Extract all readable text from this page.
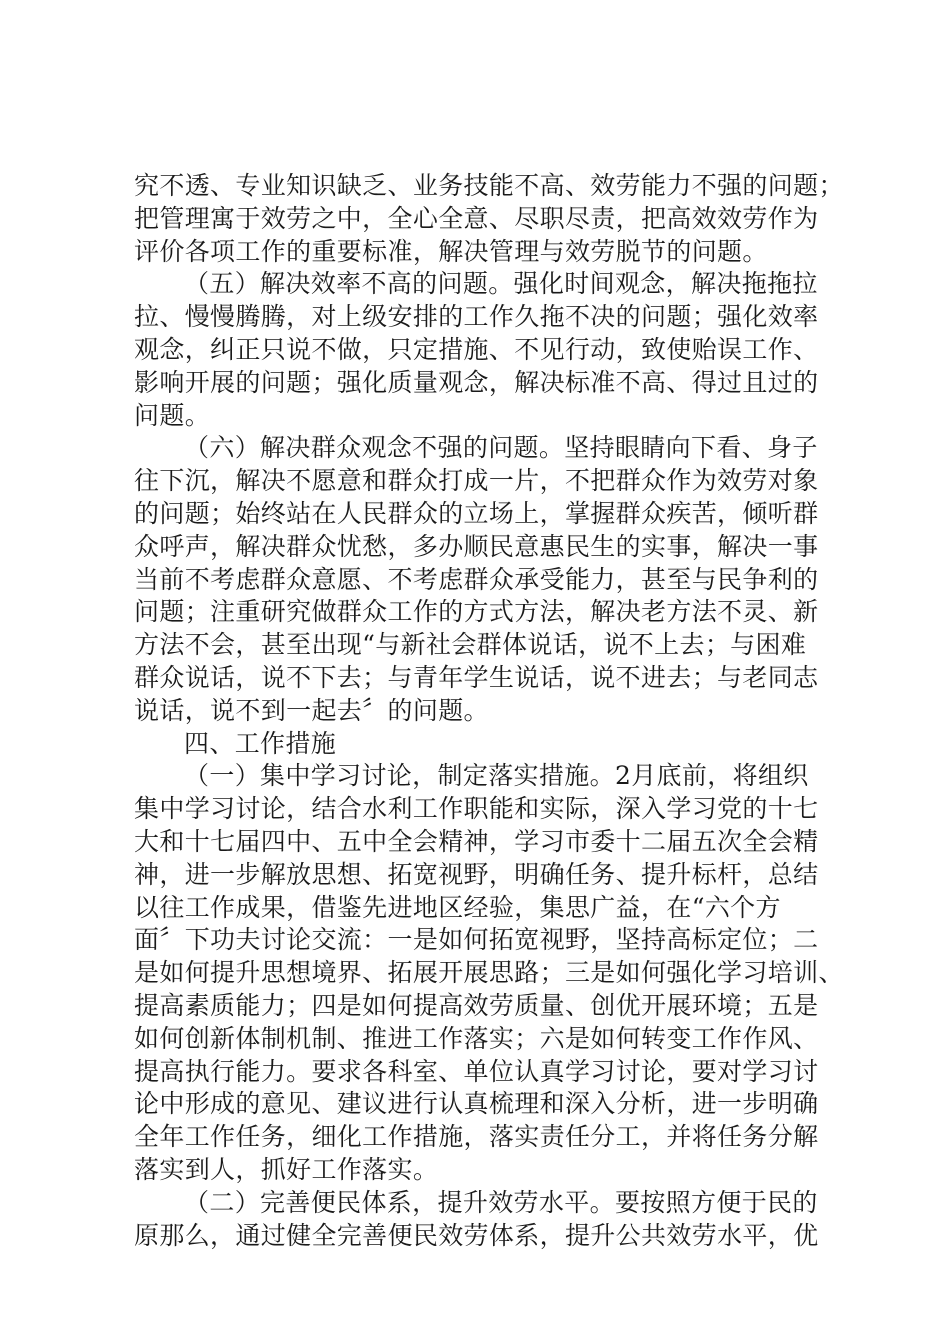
究不透、专业知识缺乏、业务技能不高、效劳能力不强的问题；
把管理寓于效劳之中，全心全意、尽职尽责，把高效效劳作为
评价各项工作的重要标准，解决管理与效劳脱节的问题。
（五）解决效率不高的问题。强化时间观念，解决拖拖拉
拉、慢慢腾腾，对上级安排的工作久拖不决的问题；强化效率
观念，纠正只说不做，只定措施、不见行动，致使贻误工作、
影响开展的问题；强化质量观念，解决标准不高、得过且过的
问题。
（六）解决群众观念不强的问题。坚持眼睛向下看、身子
往下沉，解决不愿意和群众打成一片，不把群众作为效劳对象
的问题；始终站在人民群众的立场上，掌握群众疾苦，倾听群
众呼声，解决群众忧愁，多办顺民意惠民生的实事，解决一事
当前不考虑群众意愿、不考虑群众承受能力，甚至与民争利的
问题；注重研究做群众工作的方式方法，解决老方法不灵、新
方法不会，甚至出现“与新社会群体说话，说不上去；与困难
群众说话，说不下去；与青年学生说话，说不进去；与老同志
说话，说不到一起去〞的问题。
四、工作措施
（一）集中学习讨论，制定落实措施。2月底前，将组织
集中学习讨论，结合水利工作职能和实际，深入学习党的十七
大和十七届四中、五中全会精神，学习市委十二届五次全会精
神，进一步解放思想、拓宽视野，明确任务、提升标杆，总结
以往工作成果，借鉴先进地区经验，集思广益，在“六个方
面〞下功夫讨论交流：一是如何拓宽视野，坚持高标定位；二
是如何提升思想境界、拓展开展思路；三是如何强化学习培训、
提高素质能力；四是如何提高效劳质量、创优开展环境；五是
如何创新体制机制、推进工作落实；六是如何转变工作作风、
提高执行能力。要求各科室、单位认真学习讨论，要对学习讨
论中形成的意见、建议进行认真梳理和深入分析，进一步明确
全年工作任务，细化工作措施，落实责任分工，并将任务分解
落实到人，抓好工作落实。
（二）完善便民体系，提升效劳水平。要按照方便于民的
原那么，通过健全完善便民效劳体系，提升公共效劳水平，优
